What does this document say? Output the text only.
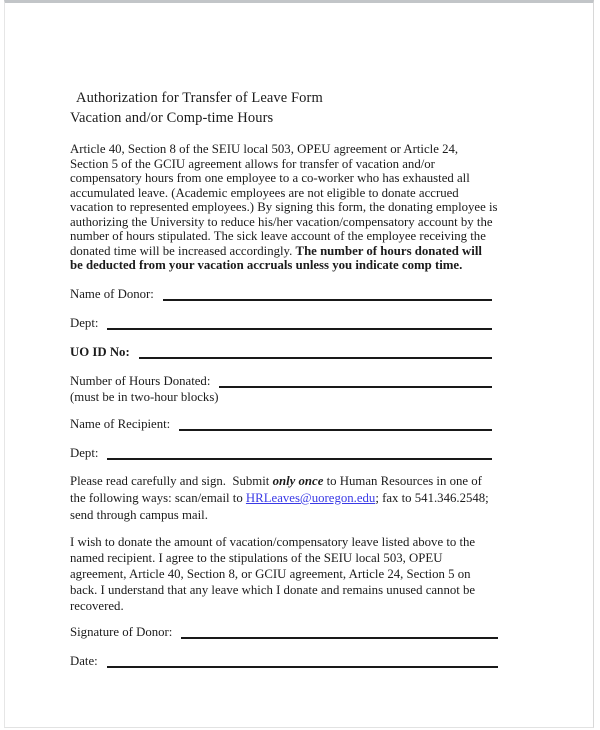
Authorization for Transfer of Leave Form
Vacation and/or Comp-time Hours
Article 40, Section 8 of the SEIU local 503, OPEU agreement or Article 24,
Section 5 of the GCIU agreement allows for transfer of vacation and/or
compensatory hours from one employee to a co-worker who has exhausted all
accumulated leave. (Academic employees are not eligible to donate accrued
vacation to represented employees.) By signing this form, the donating employee is
authorizing the University to reduce his/her vacation/compensatory account by the
number of hours stipulated. The sick leave account of the employee receiving the
donated time will be increased accordingly. The number of hours donated will
be deducted from your vacation accruals unless you indicate comp time.
Name of Donor:
Dept:
UO ID No:
Number of Hours Donated:
(must be in two-hour blocks)
Name of Recipient:
Dept:
Please read carefully and sign.  Submit only once to Human Resources in one of
the following ways: scan/email to HRLeaves@uoregon.edu; fax to 541.346.2548;
send through campus mail.
I wish to donate the amount of vacation/compensatory leave listed above to the
named recipient. I agree to the stipulations of the SEIU local 503, OPEU
agreement, Article 40, Section 8, or GCIU agreement, Article 24, Section 5 on
back. I understand that any leave which I donate and remains unused cannot be
recovered.
Signature of Donor:
Date:
